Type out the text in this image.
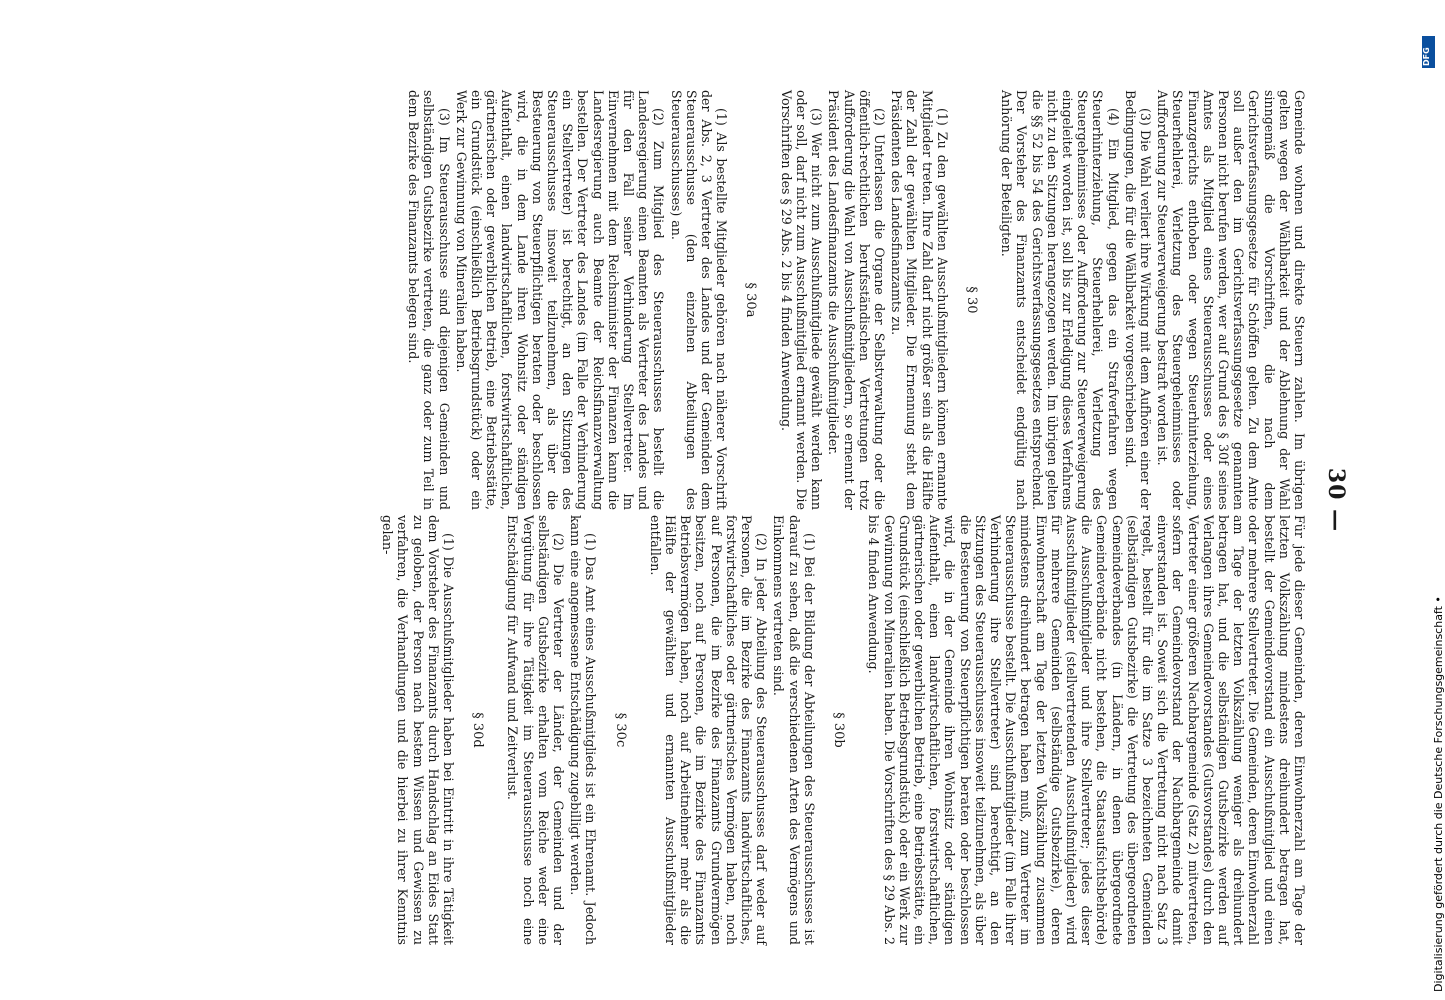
30 —

Gemeinde wohnen und direkte Steuern zahlen. Im übrigen gelten wegen der Wählbarkeit und der Ablehnung der Wahl sinngemäß die Vorschriften, die nach dem Gerichtsverfassungsgesetze für Schöffen gelten. Zu dem Amte soll außer den im Gerichtsverfassungsgesetze genannten Personen nicht berufen werden, wer auf Grund des § 30f seines Amtes als Mitglied eines Steuerausschusses oder eines Finanzgerichts enthoben oder wegen Steuerhinterziehung, Steuerhehlerei, Verletzung des Steuergeheimnisses oder Aufforderung zur Steuerverweigerung bestraft worden ist.

(3) Die Wahl verliert ihre Wirkung mit dem Aufhören einer der Bedingungen, die für die Wählbarkeit vorgeschrieben sind.

(4) Ein Mitglied, gegen das ein Strafverfahren wegen Steuerhinterziehung, Steuerhehlerei, Verletzung des Steuergeheimnisses oder Aufforderung zur Steuerverweigerung eingeleitet worden ist, soll bis zur Erledigung dieses Verfahrens nicht zu den Sitzungen herangezogen werden. Im übrigen gelten die §§ 52 bis 54 des Gerichtsverfassungsgesetzes entsprechend. Der Vorsteher des Finanzamts entscheidet endgültig nach Anhörung der Beteiligten.

§ 30

(1) Zu den gewählten Ausschußmitgliedern können ernannte Mitglieder treten. Ihre Zahl darf nicht größer sein als die Hälfte der Zahl der gewählten Mitglieder. Die Ernennung steht dem Präsidenten des Landesfinanzamts zu.

(2) Unterlassen die Organe der Selbstverwaltung oder die öffentlich-rechtlichen berufsständischen Vertretungen trotz Aufforderung die Wahl von Ausschußmitgliedern, so ernennt der Präsident des Landesfinanzamts die Ausschußmitglieder.

(3) Wer nicht zum Ausschußmitgliede gewählt werden kann oder soll, darf nicht zum Ausschußmitglied ernannt werden. Die Vorschriften des § 29 Abs. 2 bis 4 finden Anwendung.

§ 30a

(1) Als bestellte Mitglieder gehören nach näherer Vorschrift der Abs. 2, 3 Vertreter des Landes und der Gemeinden dem Steuerausschusse (den einzelnen Abteilungen des Steuerausschusses) an.

(2) Zum Mitglied des Steuerausschusses bestellt die Landesregierung einen Beamten als Vertreter des Landes und für den Fall seiner Verhinderung Stellvertreter. Im Einvernehmen mit dem Reichsminister der Finanzen kann die Landesregierung auch Beamte der Reichsfinanzverwaltung bestellen. Der Vertreter des Landes (im Falle der Verhinderung ein Stellvertreter) ist berechtigt, an den Sitzungen des Steuerausschusses insoweit teilzunehmen, als über die Besteuerung von Steuerpflichtigen beraten oder beschlossen wird, die in dem Lande ihren Wohnsitz oder ständigen Aufenthalt, einen landwirtschaftlichen, forstwirtschaftlichen, gärtnerischen oder gewerblichen Betrieb, eine Betriebsstätte, ein Grundstück (einschließlich Betriebsgrundstück) oder ein Werk zur Gewinnung von Mineralien haben.

(3) Im Steuerausschusse sind diejenigen Gemeinden und selbständigen Gutsbezirke vertreten, die ganz oder zum Teil in dem Bezirke des Finanzamts belegen sind.

Für jede dieser Gemeinden, deren Einwohnerzahl am Tage der letzten Volkszählung mindestens dreihundert betragen hat, bestellt der Gemeindevorstand ein Ausschußmitglied und einen oder mehrere Stellvertreter. Die Gemeinden, deren Einwohnerzahl am Tage der letzten Volkszählung weniger als dreihundert betragen hat, und die selbständigen Gutsbezirke werden auf Verlangen ihres Gemeindevorstandes (Gutsvorstandes) durch den Vertreter einer größeren Nachbargemeinde (Satz 2) mitvertreten, sofern der Gemeindevorstand der Nachbargemeinde damit einverstanden ist. Soweit sich die Vertretung nicht nach Satz 3 regelt, bestellt für die im Satze 3 bezeichneten Gemeinden (selbständigen Gutsbezirke) die Vertretung des übergeordneten Gemeindeverbandes (in Ländern, in denen übergeordnete Gemeindeverbände nicht bestehen, die Staatsaufsichtsbehörde) die Ausschußmitglieder und ihre Stellvertreter; jedes dieser Ausschußmitglieder (stellvertretenden Ausschußmitglieder) wird für mehrere Gemeinden (selbständige Gutsbezirke), deren Einwohnerschaft am Tage der letzten Volkszählung zusammen mindestens dreihundert betragen haben muß, zum Vertreter im Steuerausschusse bestellt. Die Ausschußmitglieder (im Falle ihrer Verhinderung ihre Stellvertreter) sind berechtigt, an den Sitzungen des Steuerausschusses insoweit teilzunehmen, als über die Besteuerung von Steuerpflichtigen beraten oder beschlossen wird, die in der Gemeinde ihren Wohnsitz oder ständigen Aufenthalt, einen landwirtschaftlichen, forstwirtschaftlichen, gärtnerischen oder gewerblichen Betrieb, eine Betriebsstätte, ein Grundstück (einschließlich Betriebsgrundstück) oder ein Werk zur Gewinnung von Mineralien haben. Die Vorschriften des § 29 Abs. 2 bis 4 finden Anwendung.

§ 30b

(1) Bei der Bildung der Abteilungen des Steuerausschusses ist darauf zu sehen, daß die verschiedenen Arten des Vermögens und Einkommens vertreten sind.

(2) In jeder Abteilung des Steuerausschusses darf weder auf Personen, die im Bezirke des Finanzamts landwirtschaftliches, forstwirtschaftliches oder gärtnerisches Vermögen haben, noch auf Personen, die im Bezirke des Finanzamts Grundvermögen besitzen, noch auf Personen, die im Bezirke des Finanzamts Betriebsvermögen haben, noch auf Arbeitnehmer mehr als die Hälfte der gewählten und ernannten Ausschußmitglieder entfallen.

§ 30c

(1) Das Amt eines Ausschußmitglieds ist ein Ehrenamt. Jedoch kann eine angemessene Entschädigung zugebilligt werden.

(2) Die Vertreter der Länder, der Gemeinden und der selbständigen Gutsbezirke erhalten vom Reiche weder eine Vergütung für ihre Tätigkeit im Steuerausschusse noch eine Entschädigung für Aufwand und Zeitverlust.

§ 30d

(1) Die Ausschußmitglieder haben bei Eintritt in ihre Tätigkeit dem Vorsteher des Finanzamts durch Handschlag an Eides Statt zu geloben, der Person nach bestem Wissen und Gewissen zu verfahren, die Verhandlungen und die hierbei zu ihrer Kenntnis gelan-

DFG
Digitalisierung gefördert durch die Deutsche Forschungsgemeinschaft •
